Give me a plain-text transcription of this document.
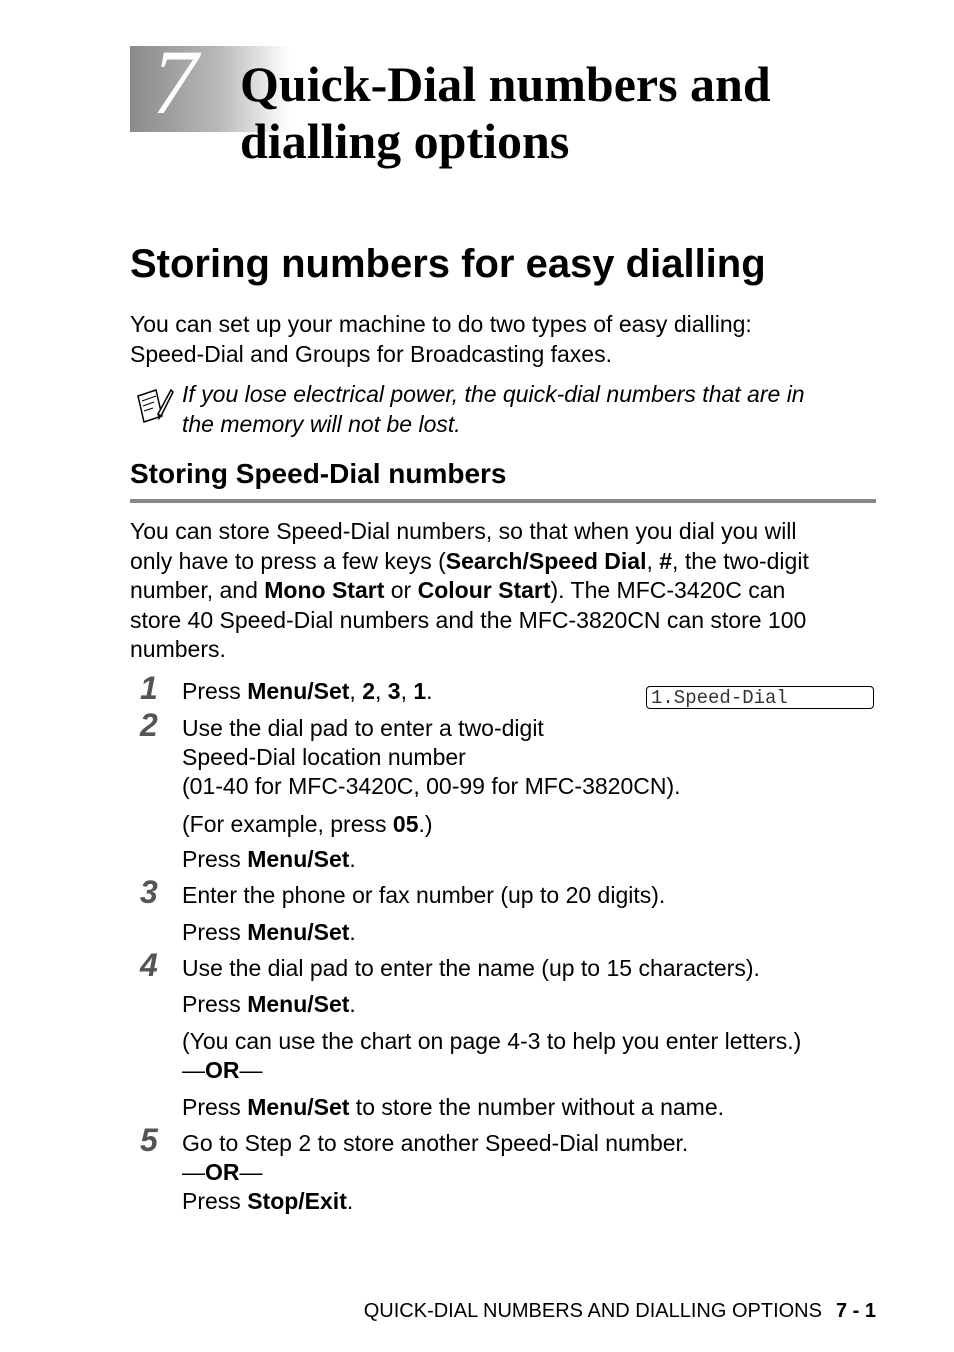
7 Quick-Dial numbers and
dialling options
Storing numbers for easy dialling
You can set up your machine to do two types of easy dialling:
Speed-Dial and Groups for Broadcasting faxes.
If you lose electrical power, the quick-dial numbers that are in
the memory will not be lost.
Storing Speed-Dial numbers
You can store Speed-Dial numbers, so that when you dial you will
only have to press a few keys (Search/Speed Dial, #, the two-digit
number, and Mono Start or Colour Start). The MFC-3420C can
store 40 Speed-Dial numbers and the MFC-3820CN can store 100
numbers.
1.Speed-Dial
1 Press Menu/Set, 2, 3, 1.
2 Use the dial pad to enter a two-digit
Speed-Dial location number
(01-40 for MFC-3420C, 00-99 for MFC-3820CN).
(For example, press 05.)
Press Menu/Set.
3 Enter the phone or fax number (up to 20 digits).
Press Menu/Set.
4 Use the dial pad to enter the name (up to 15 characters).
Press Menu/Set.
(You can use the chart on page 4-3 to help you enter letters.)
—OR—
Press Menu/Set to store the number without a name.
5 Go to Step 2 to store another Speed-Dial number.
—OR—
Press Stop/Exit.
QUICK-DIAL NUMBERS AND DIALLING OPTIONS 7 - 1
